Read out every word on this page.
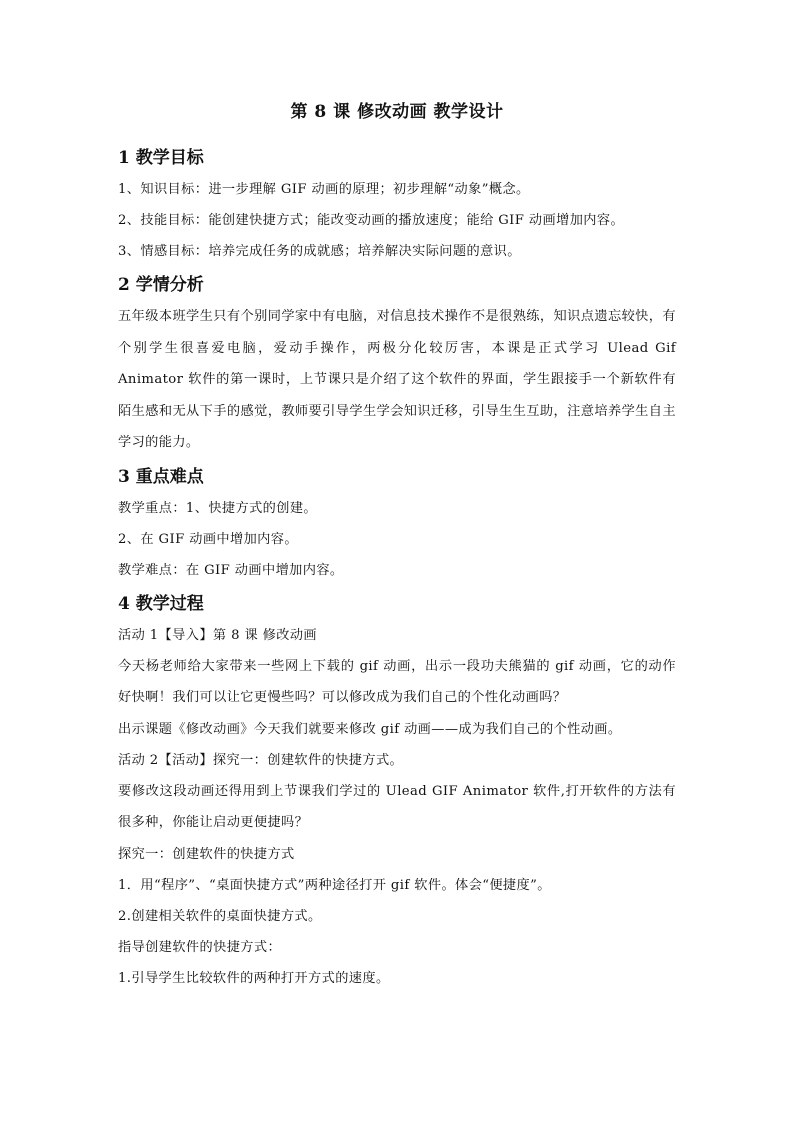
第 8 课 修改动画 教学设计
1 教学目标

1、知识目标：进一步理解 GIF 动画的原理；初步理解“动象”概念。

2、技能目标：能创建快捷方式；能改变动画的播放速度；能给 GIF 动画增加内容。

3、情感目标：培养完成任务的成就感；培养解决实际问题的意识。

2 学情分析

五年级本班学生只有个别同学家中有电脑，对信息技术操作不是很熟练，知识点遗忘较快，有个别学生很喜爱电脑，爱动手操作，两极分化较厉害，本课是正式学习 Ulead Gif Animator 软件的第一课时，上节课只是介绍了这个软件的界面，学生跟接手一个新软件有陌生感和无从下手的感觉，教师要引导学生学会知识迁移，引导生生互助，注意培养学生自主学习的能力。

3 重点难点

教学重点：1、快捷方式的创建。

2、在 GIF 动画中增加内容。

教学难点：在 GIF 动画中增加内容。

4 教学过程

活动 1【导入】第 8 课 修改动画

今天杨老师给大家带来一些网上下载的 gif 动画，出示一段功夫熊猫的 gif 动画，它的动作好快啊！我们可以让它更慢些吗？可以修改成为我们自己的个性化动画吗？

出示课题《修改动画》今天我们就要来修改 gif 动画——成为我们自己的个性动画。

活动 2【活动】探究一：创建软件的快捷方式。

要修改这段动画还得用到上节课我们学过的 Ulead GIF Animator 软件,打开软件的方法有很多种，你能让启动更便捷吗？

探究一：创建软件的快捷方式

1．用“程序”、“桌面快捷方式”两种途径打开 gif 软件。体会“便捷度”。

2.创建相关软件的桌面快捷方式。

指导创建软件的快捷方式：

1.引导学生比较软件的两种打开方式的速度。
